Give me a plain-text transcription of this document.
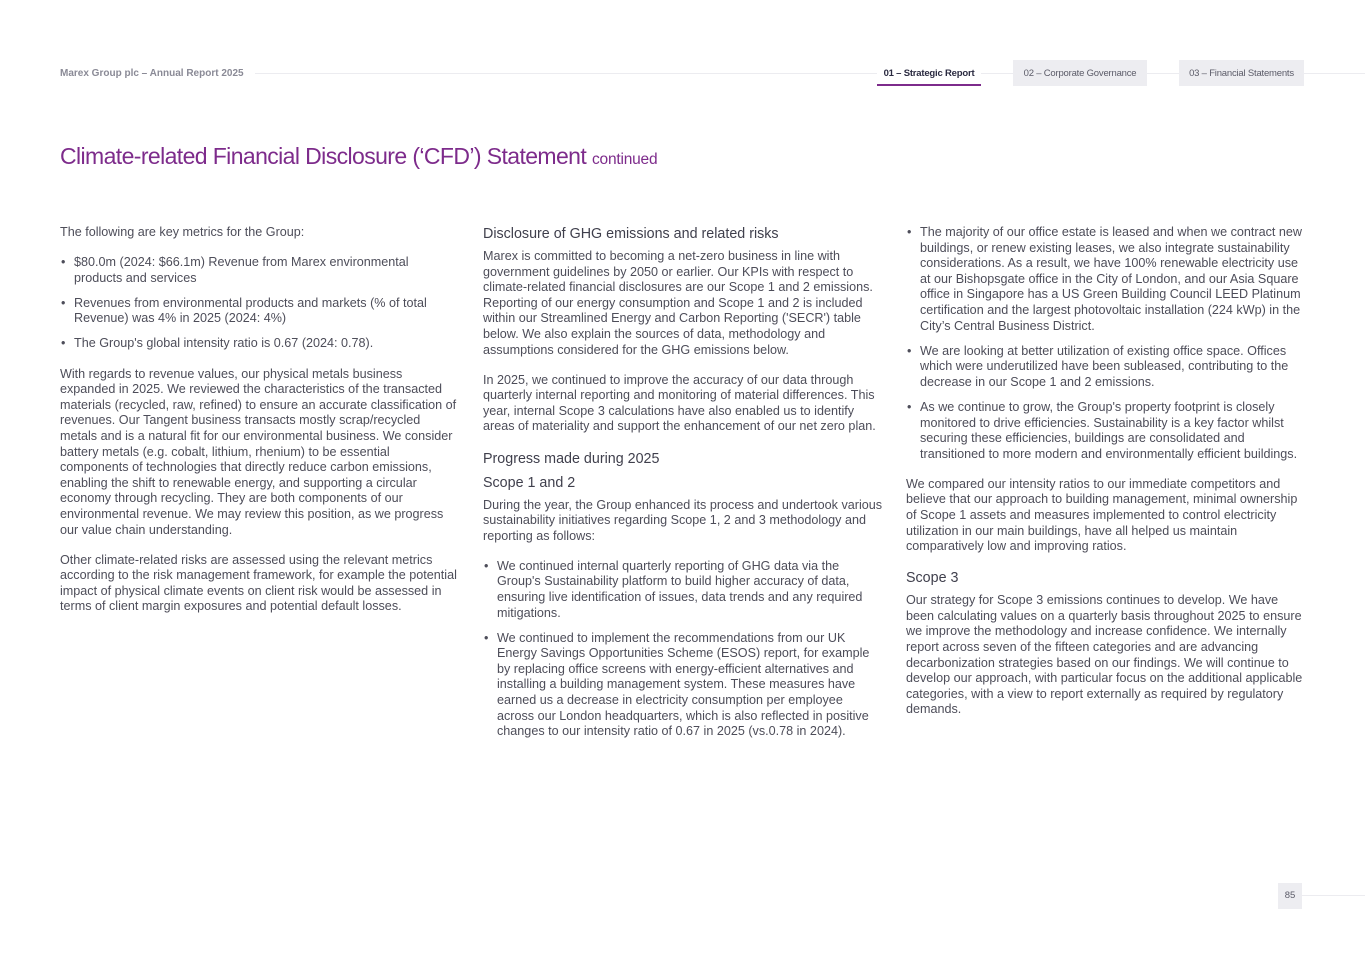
Marex Group plc – Annual Report 2025	01 – Strategic Report	02 – Corporate Governance	03 – Financial Statements
Climate-related Financial Disclosure (‘CFD’) Statement continued

The following are key metrics for the Group:

• $80.0m (2024: $66.1m) Revenue from Marex environmental products and services
• Revenues from environmental products and markets (% of total Revenue) was 4% in 2025 (2024: 4%)
• The Group's global intensity ratio is 0.67 (2024: 0.78).

With regards to revenue values, our physical metals business expanded in 2025. We reviewed the characteristics of the transacted materials (recycled, raw, refined) to ensure an accurate classification of revenues. Our Tangent business transacts mostly scrap/recycled metals and is a natural fit for our environmental business. We consider battery metals (e.g. cobalt, lithium, rhenium) to be essential components of technologies that directly reduce carbon emissions, enabling the shift to renewable energy, and supporting a circular economy through recycling. They are both components of our environmental revenue. We may review this position, as we progress our value chain understanding.

Other climate-related risks are assessed using the relevant metrics according to the risk management framework, for example the potential impact of physical climate events on client risk would be assessed in terms of client margin exposures and potential default losses.

Disclosure of GHG emissions and related risks

Marex is committed to becoming a net-zero business in line with government guidelines by 2050 or earlier. Our KPIs with respect to climate-related financial disclosures are our Scope 1 and 2 emissions. Reporting of our energy consumption and Scope 1 and 2 is included within our Streamlined Energy and Carbon Reporting ('SECR') table below. We also explain the sources of data, methodology and assumptions considered for the GHG emissions below.

In 2025, we continued to improve the accuracy of our data through quarterly internal reporting and monitoring of material differences. This year, internal Scope 3 calculations have also enabled us to identify areas of materiality and support the enhancement of our net zero plan.

Progress made during 2025
Scope 1 and 2

During the year, the Group enhanced its process and undertook various sustainability initiatives regarding Scope 1, 2 and 3 methodology and reporting as follows:

• We continued internal quarterly reporting of GHG data via the Group's Sustainability platform to build higher accuracy of data, ensuring live identification of issues, data trends and any required mitigations.
• We continued to implement the recommendations from our UK Energy Savings Opportunities Scheme (ESOS) report, for example by replacing office screens with energy-efficient alternatives and installing a building management system. These measures have earned us a decrease in electricity consumption per employee across our London headquarters, which is also reflected in positive changes to our intensity ratio of 0.67 in 2025 (vs.0.78 in 2024).
• The majority of our office estate is leased and when we contract new buildings, or renew existing leases, we also integrate sustainability considerations. As a result, we have 100% renewable electricity use at our Bishopsgate office in the City of London, and our Asia Square office in Singapore has a US Green Building Council LEED Platinum certification and the largest photovoltaic installation (224 kWp) in the City’s Central Business District.
• We are looking at better utilization of existing office space. Offices which were underutilized have been subleased, contributing to the decrease in our Scope 1 and 2 emissions.
• As we continue to grow, the Group's property footprint is closely monitored to drive efficiencies. Sustainability is a key factor whilst securing these efficiencies, buildings are consolidated and transitioned to more modern and environmentally efficient buildings.

We compared our intensity ratios to our immediate competitors and believe that our approach to building management, minimal ownership of Scope 1 assets and measures implemented to control electricity utilization in our main buildings, have all helped us maintain comparatively low and improving ratios.

Scope 3

Our strategy for Scope 3 emissions continues to develop. We have been calculating values on a quarterly basis throughout 2025 to ensure we improve the methodology and increase confidence. We internally report across seven of the fifteen categories and are advancing decarbonization strategies based on our findings. We will continue to develop our approach, with particular focus on the additional applicable categories, with a view to report externally as required by regulatory demands.

85
